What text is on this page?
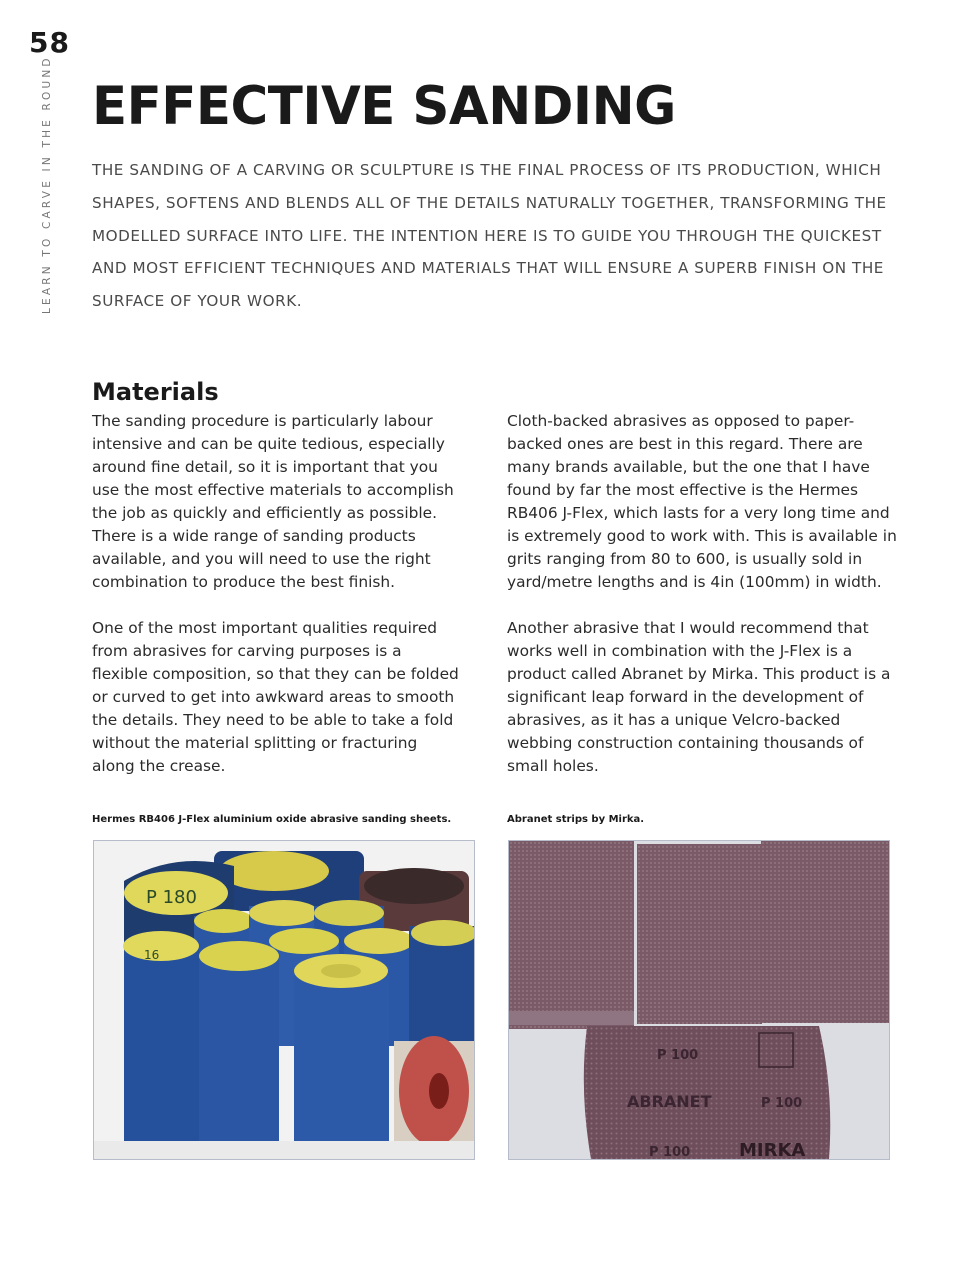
58
LEARN TO CARVE IN THE ROUND EFFECTIVE SANDING

THE SANDING OF A CARVING OR SCULPTURE IS THE FINAL PROCESS OF ITS PRODUCTION, WHICH SHAPES, SOFTENS AND BLENDS ALL OF THE DETAILS NATURALLY TOGETHER, TRANSFORMING THE MODELLED SURFACE INTO LIFE. THE INTENTION HERE IS TO GUIDE YOU THROUGH THE QUICKEST AND MOST EFFICIENT TECHNIQUES AND MATERIALS THAT WILL ENSURE A SUPERB FINISH ON THE SURFACE OF YOUR WORK.

Materials

The sanding procedure is particularly labour intensive and can be quite tedious, especially around fine detail, so it is important that you use the most effective materials to accomplish the job as quickly and efficiently as possible. There is a wide range of sanding products available, and you will need to use the right combination to produce the best finish.

One of the most important qualities required from abrasives for carving purposes is a flexible composition, so that they can be folded or curved to get into awkward areas to smooth the details. They need to be able to take a fold without the material splitting or fracturing along the crease.

Cloth-backed abrasives as opposed to paper-backed ones are best in this regard. There are many brands available, but the one that I have found by far the most effective is the Hermes RB406 J-Flex, which lasts for a very long time and is extremely good to work with. This is available in grits ranging from 80 to 600, is usually sold in yard/metre lengths and is 4in (100mm) in width.

Another abrasive that I would recommend that works well in combination with the J-Flex is a product called Abranet by Mirka. This product is a significant leap forward in the development of abrasives, as it has a unique Velcro-backed webbing construction containing thousands of small holes.

Hermes RB406 J-Flex aluminium oxide abrasive sanding sheets.	Abranet strips by Mirka.
P 180
16
P 100
ABRANET	P 100
P 100	MIRKA
